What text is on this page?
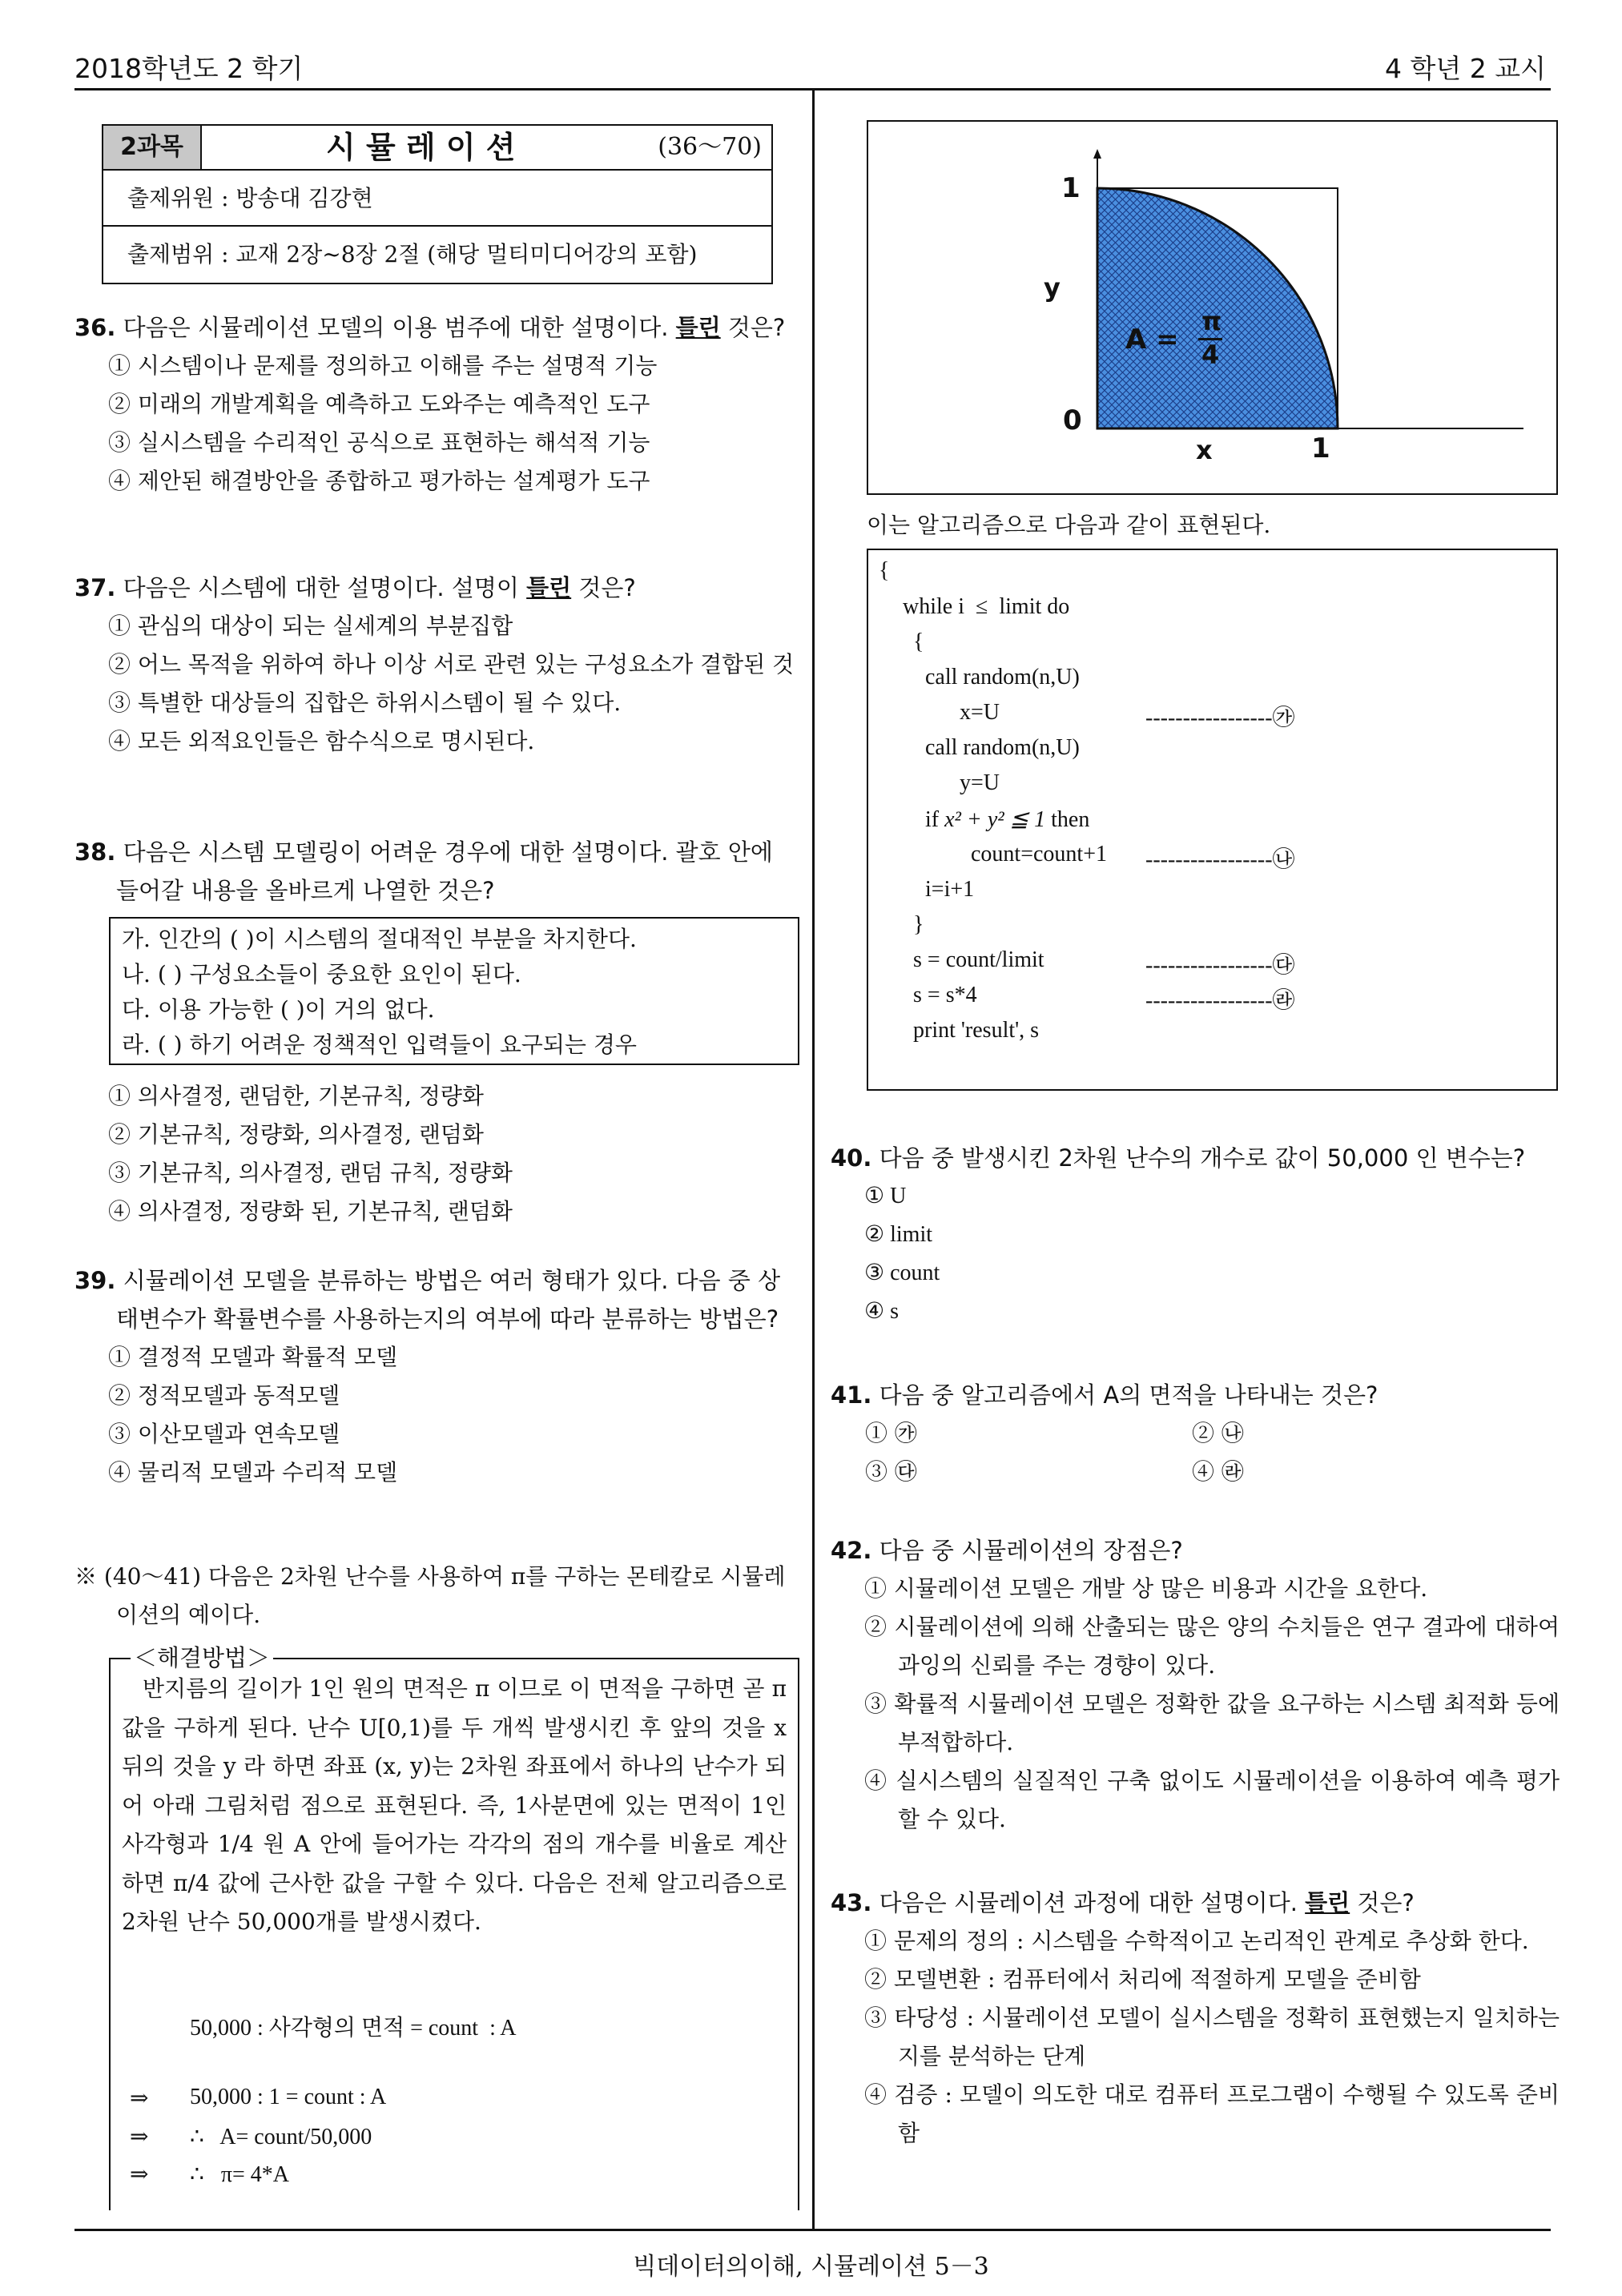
2018학년도 2 학기	4 학년 2 교시
빅데이터의이해, 시뮬레이션 5－3
2과목	시 뮬 레 이 션	(36～70)
출제위원 : 방송대 김강현
출제범위 : 교재 2장~8장 2절 (해당 멀티미디어강의 포함)

36. 다음은 시뮬레이션 모델의 이용 범주에 대한 설명이다. 틀린 것은?

① 시스템이나 문제를 정의하고 이해를 주는 설명적 기능

② 미래의 개발계획을 예측하고 도와주는 예측적인 도구

③ 실시스템을 수리적인 공식으로 표현하는 해석적 기능

④ 제안된 해결방안을 종합하고 평가하는 설계평가 도구

37. 다음은 시스템에 대한 설명이다. 설명이 틀린 것은?

① 관심의 대상이 되는 실세계의 부분집합

② 어느 목적을 위하여 하나 이상 서로 관련 있는 구성요소가 결합된 것

③ 특별한 대상들의 집합은 하위시스템이 될 수 있다.

④ 모든 외적요인들은 함수식으로 명시된다.

38. 다음은 시스템 모델링이 어려운 경우에 대한 설명이다. 괄호 안에 들어갈 내용을 올바르게 나열한 것은?

가. 인간의 ( )이 시스템의 절대적인 부분을 차지한다.
나. ( ) 구성요소들이 중요한 요인이 된다.
다. 이용 가능한 ( )이 거의 없다.
라. ( ) 하기 어려운 정책적인 입력들이 요구되는 경우

① 의사결정, 랜덤한, 기본규칙, 정량화

② 기본규칙, 정량화, 의사결정, 랜덤화

③ 기본규칙, 의사결정, 랜덤 규칙, 정량화

④ 의사결정, 정량화 된, 기본규칙, 랜덤화

39. 시뮬레이션 모델을 분류하는 방법은 여러 형태가 있다. 다음 중 상태변수가 확률변수를 사용하는지의 여부에 따라 분류하는 방법은?

① 결정적 모델과 확률적 모델

② 정적모델과 동적모델

③ 이산모델과 연속모델

④ 물리적 모델과 수리적 모델

※ (40～41) 다음은 2차원 난수를 사용하여 π를 구하는 몬테칼로 시뮬레이션의 예이다.

＜해결방법＞
반지름의 길이가 1인 원의 면적은 π 이므로 이 면적을 구하면 곧 π 값을 구하게 된다. 난수 U[0,1)를 두 개씩 발생시킨 후 앞의 것을 x 뒤의 것을 y 라 하면 좌표 (x, y)는 2차원 좌표에서 하나의 난수가 되어 아래 그림처럼 점으로 표현된다. 즉, 1사분면에 있는 면적이 1인 사각형과 1/4 원 A 안에 들어가는 각각의 점의 개수를 비율로 계산하면 π/4 값에 근사한 값을 구할 수 있다. 다음은 전체 알고리즘으로 2차원 난수 50,000개를 발생시켰다.
50,000 : 사각형의 면적 = count  : A
⇒ 50,000 : 1 = count : A
⇒ ∴   A= count/50,000
⇒ ∴   π= 4*A
1
y
0
x	1
A =
π
4
이는 알고리즘으로 다음과 같이 표현된다.
{
while i  ≤  limit do
{
call random(n,U)
x=U	-----------------㉮
call random(n,U)
y=U
if x² + y² ≦ 1 then
count=count+1 -----------------㉯
i=i+1
}
s = count/limit	-----------------㉰
s = s*4	-----------------㉱
print 'result', s

40. 다음 중 발생시킨 2차원 난수의 개수로 값이 50,000 인 변수는?

① U

② limit

③ count

④ s

41. 다음 중 알고리즘에서 A의 면적을 나타내는 것은?

① ㉮	② ㉯
③ ㉰	④ ㉱

42. 다음 중 시뮬레이션의 장점은?

① 시뮬레이션 모델은 개발 상 많은 비용과 시간을 요한다.

② 시뮬레이션에 의해 산출되는 많은 양의 수치들은 연구 결과에 대하여 과잉의 신뢰를 주는 경향이 있다.

③ 확률적 시뮬레이션 모델은 정확한 값을 요구하는 시스템 최적화 등에 부적합하다.

④ 실시스템의 실질적인 구축 없이도 시뮬레이션을 이용하여 예측 평가할 수 있다.

43. 다음은 시뮬레이션 과정에 대한 설명이다. 틀린 것은?

① 문제의 정의 : 시스템을 수학적이고 논리적인 관계로 추상화 한다.

② 모델변환 : 컴퓨터에서 처리에 적절하게 모델을 준비함

③ 타당성 : 시뮬레이션 모델이 실시스템을 정확히 표현했는지 일치하는지를 분석하는 단계

④ 검증 : 모델이 의도한 대로 컴퓨터 프로그램이 수행될 수 있도록 준비함
